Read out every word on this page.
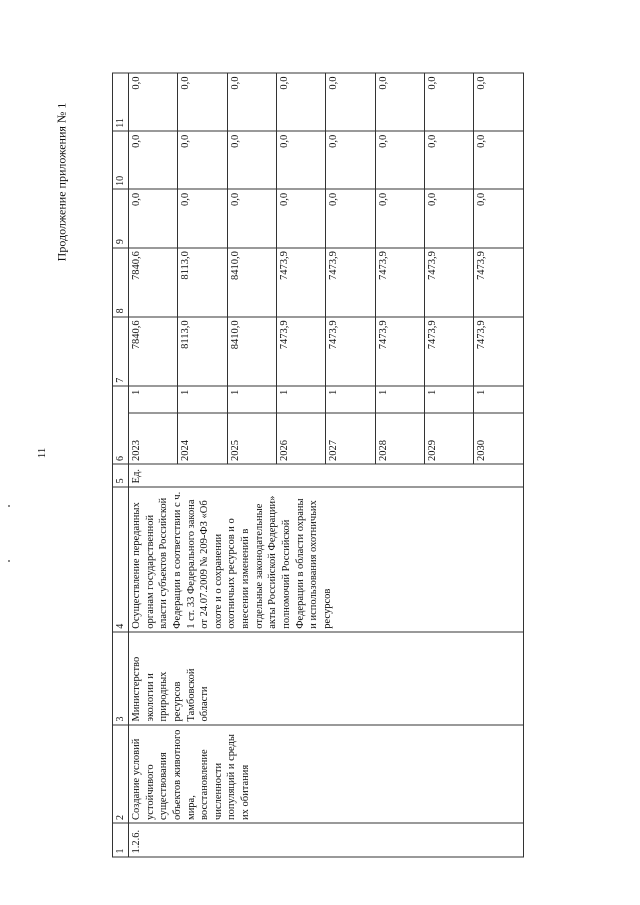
11
Продолжение приложения № 1
1	2	3	4	5	6		7	8	9	10	11
1.2.6.	Создание условий устойчивого существования объектов животного мира, восстановление численности популяций и среды их обитания	Министерство экологии и природных ресурсов Тамбовской области	Осуществление переданных органам государственной власти субъектов Российской Федерации в соответствии с ч. 1 ст. 33 Федерального закона от 24.07.2009 № 209-ФЗ «Об охоте и о сохранении охотничьих ресурсов и о внесении изменений в отдельные законодательные акты Российской Федерации» полномочий Российской Федерации в области охраны и использования охотничьих ресурсов	Ед.	2023	1	7840,6	7840,6	0,0	0,0	0,0
					2024	1	8113,0	8113,0	0,0	0,0	0,0
					2025	1	8410,0	8410,0	0,0	0,0	0,0
					2026	1	7473,9	7473,9	0,0	0,0	0,0
					2027	1	7473,9	7473,9	0,0	0,0	0,0
					2028	1	7473,9	7473,9	0,0	0,0	0,0
					2029	1	7473,9	7473,9	0,0	0,0	0,0
					2030	1	7473,9	7473,9	0,0	0,0	0,0
